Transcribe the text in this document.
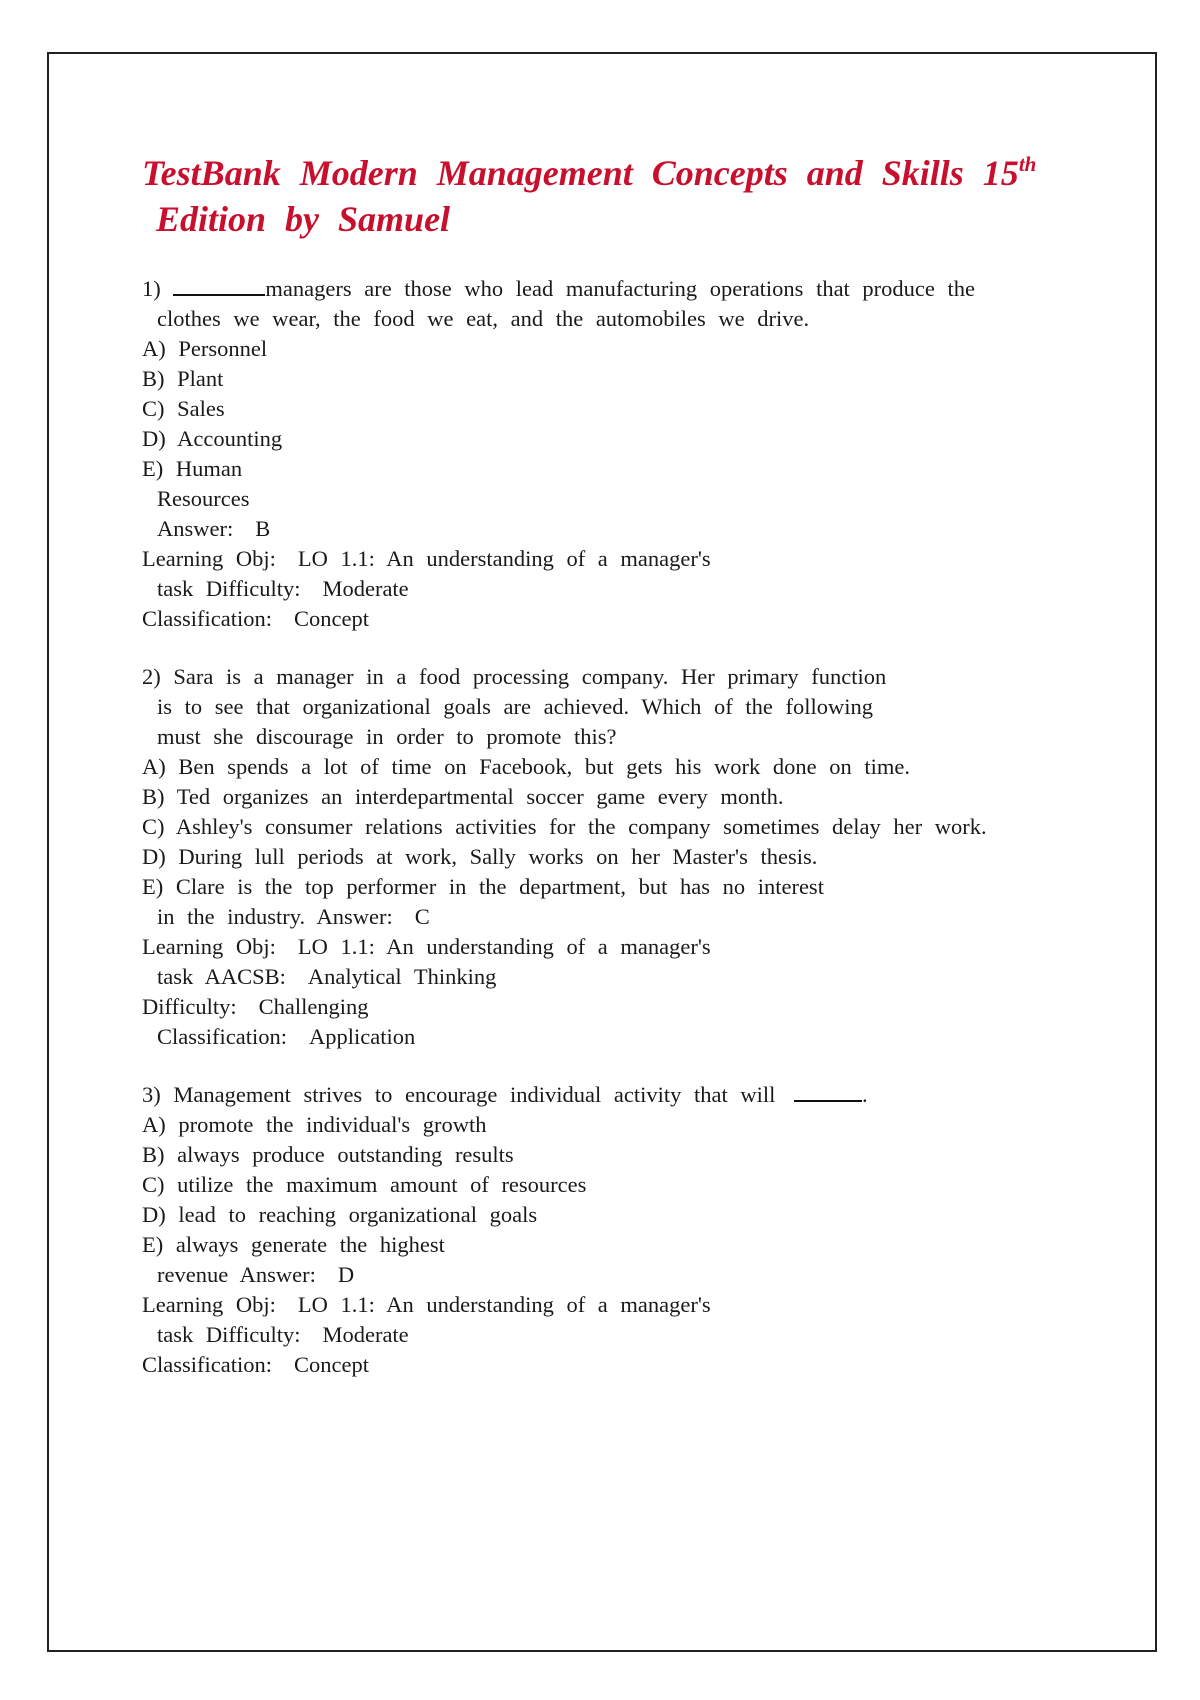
TestBank Modern Management Concepts and Skills 15th
Edition by Samuel
1)	managers are those who lead manufacturing operations that produce the
clothes we wear, the food we eat, and the automobiles we drive.
A) Personnel
B) Plant
C) Sales
D) Accounting
E) Human
Resources
Answer: B
Learning Obj: LO 1.1: An understanding of a manager's
task Difficulty: Moderate
Classification: Concept
2) Sara is a manager in a food processing company. Her primary function
is to see that organizational goals are achieved. Which of the following
must she discourage in order to promote this?
A) Ben spends a lot of time on Facebook, but gets his work done on time.
B) Ted organizes an interdepartmental soccer game every month.
C) Ashley's consumer relations activities for the company sometimes delay her work.
D) During lull periods at work, Sally works on her Master's thesis.
E) Clare is the top performer in the department, but has no interest
in the industry. Answer: C
Learning Obj: LO 1.1: An understanding of a manager's
task AACSB: Analytical Thinking
Difficulty: Challenging
Classification: Application
3) Management strives to encourage individual activity that will	.
A) promote the individual's growth
B) always produce outstanding results
C) utilize the maximum amount of resources
D) lead to reaching organizational goals
E) always generate the highest
revenue Answer: D
Learning Obj: LO 1.1: An understanding of a manager's
task Difficulty: Moderate
Classification: Concept
